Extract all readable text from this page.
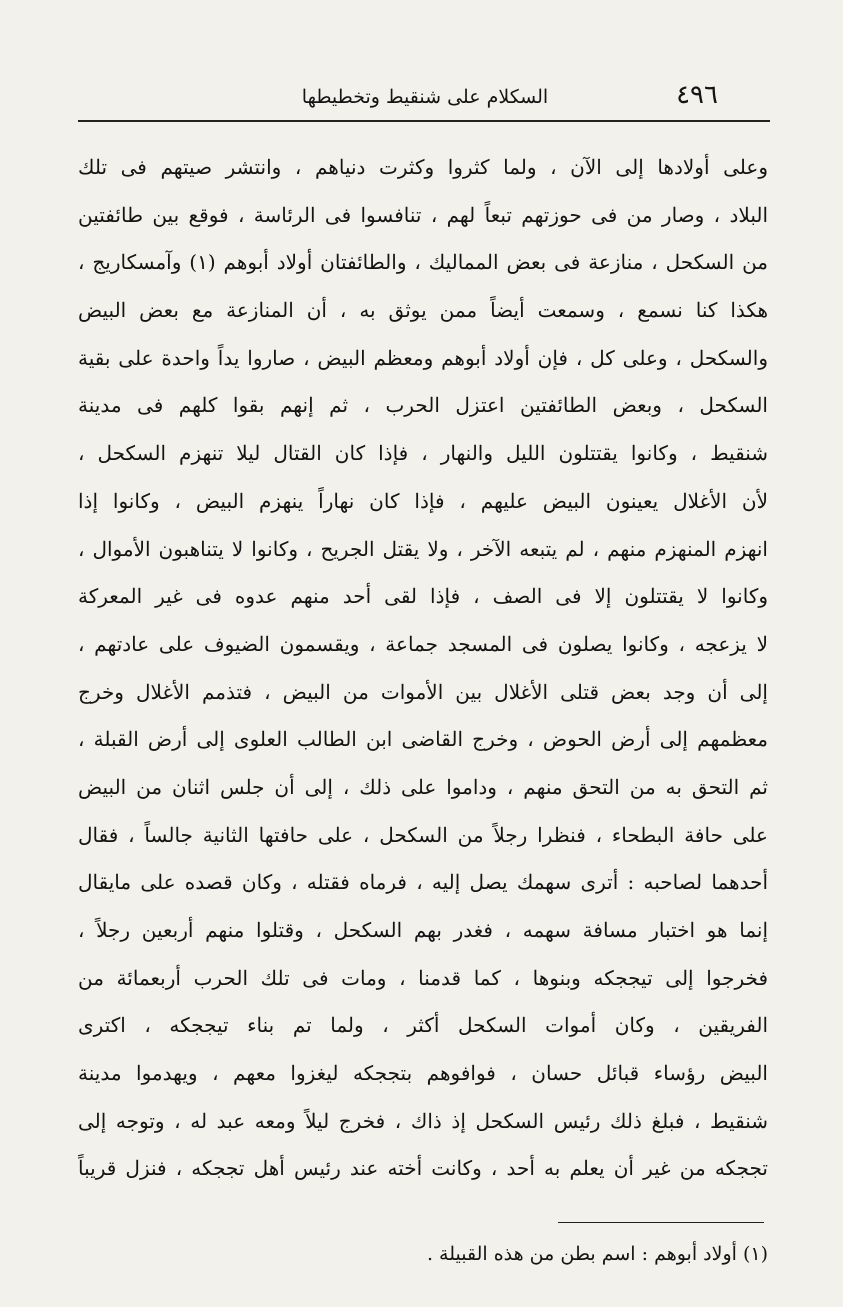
٤٩٦
السكلام على شنقيط وتخطيطها
وعلى أولادها إلى الآن ، ولما كثروا وكثرت دنياهم ، وانتشر صيتهم فى تلك
البلاد ، وصار من فى حوزتهم تبعاً لهم ، تنافسوا فى الرئاسة ، فوقع بين طائفتين
من السكحل ، منازعة فى بعض المماليك ، والطائفتان أولاد أبوهم (١) وآمسكاريج ،
هكذا كنا نسمع ، وسمعت أيضاً ممن يوثق به ، أن المنازعة مع بعض البيض
والسكحل ، وعلى كل ، فإن أولاد أبوهم ومعظم البيض ، صاروا يداً واحدة على بقية
السكحل ، وبعض الطائفتين اعتزل الحرب ، ثم إنهم بقوا كلهم فى مدينة
شنقيط ، وكانوا يقتتلون الليل والنهار ، فإذا كان القتال ليلا تنهزم السكحل ،
لأن الأغلال يعينون البيض عليهم ، فإذا كان نهاراً ينهزم البيض ، وكانوا إذا
انهزم المنهزم منهم ، لم يتبعه الآخر ، ولا يقتل الجريح ، وكانوا لا يتناهبون الأموال ،
وكانوا لا يقتتلون إلا فى الصف ، فإذا لقى أحد منهم عدوه فى غير المعركة
لا يزعجه ، وكانوا يصلون فى المسجد جماعة ، ويقسمون الضيوف على عادتهم ،
إلى أن وجد بعض قتلى الأغلال بين الأموات من البيض ، فتذمم الأغلال وخرج
معظمهم إلى أرض الحوض ، وخرج القاضى ابن الطالب العلوى إلى أرض القبلة ،
ثم التحق به من التحق منهم ، وداموا على ذلك ، إلى أن جلس اثنان من البيض
على حافة البطحاء ، فنظرا رجلاً من السكحل ، على حافتها الثانية جالساً ، فقال
أحدهما لصاحبه : أترى سهمك يصل إليه ، فرماه فقتله ، وكان قصده على مايقال
إنما هو اختبار مسافة سهمه ، فغدر بهم السكحل ، وقتلوا منهم أربعين رجلاً ،
فخرجوا إلى تيججكه وبنوها ، كما قدمنا ، ومات فى تلك الحرب أربعمائة من
الفريقين ، وكان أموات السكحل أكثر ، ولما تم بناء تيججكه ، اكترى
البيض رؤساء قبائل حسان ، فوافوهم بتججكه ليغزوا معهم ، ويهدموا مدينة
شنقيط ، فبلغ ذلك رئيس السكحل إذ ذاك ، فخرج ليلاً ومعه عبد له ، وتوجه إلى
تججكه من غير أن يعلم به أحد ، وكانت أخته عند رئيس أهل تججكه ، فنزل قريباً
(١) أولاد أبوهم : اسم بطن من هذه القبيلة .
